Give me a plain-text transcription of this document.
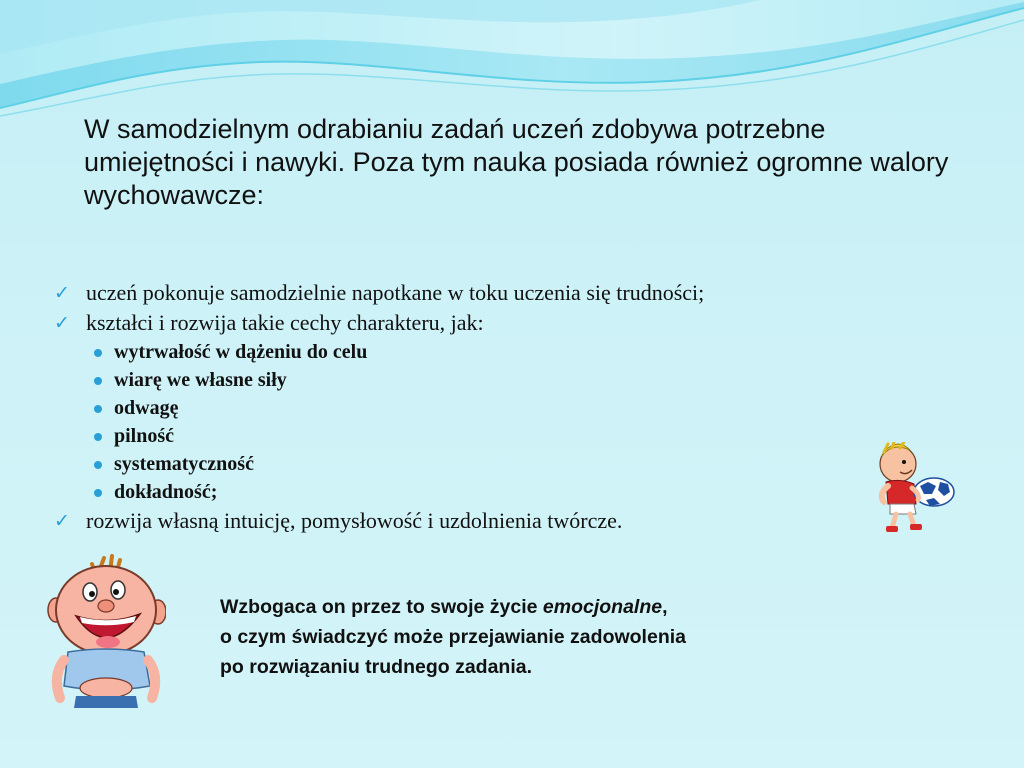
W samodzielnym odrabianiu zadań uczeń zdobywa potrzebne umiejętności i nawyki. Poza tym nauka posiada również ogromne walory wychowawcze:

✓ uczeń pokonuje samodzielnie napotkane w toku uczenia się trudności;
✓ kształci i rozwija takie cechy charakteru, jak:
wytrwałość w dążeniu do celu
wiarę we własne siły
odwagę
pilność
systematyczność
dokładność;
✓ rozwija własną intuicję, pomysłowość i uzdolnienia twórcze.
Wzbogaca on przez to swoje życie emocjonalne,
o czym świadczyć może przejawianie zadowolenia
po rozwiązaniu trudnego zadania.
